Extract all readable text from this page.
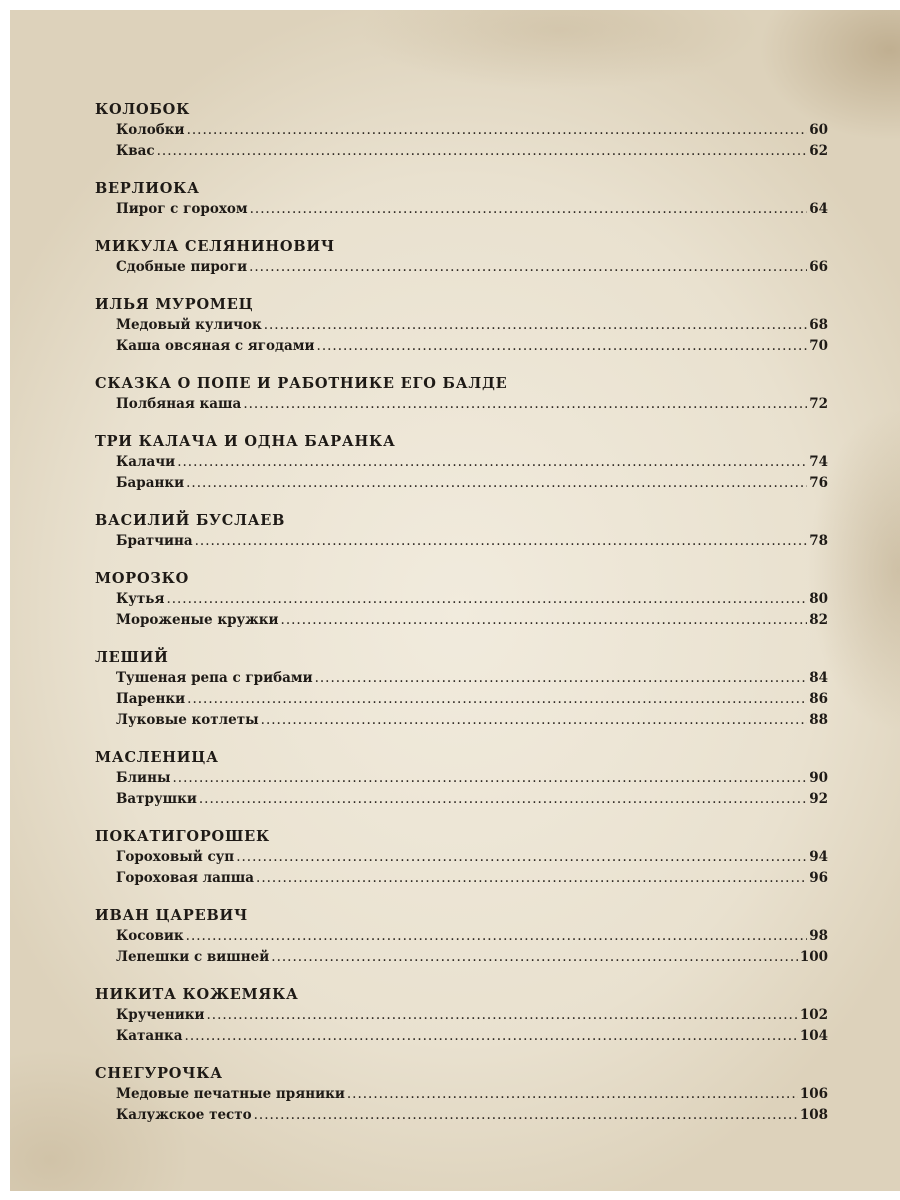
КОЛОБОК
Колобки .....	60
Квас .....	62
ВЕРЛИОКА
Пирог с горохом .....	64
МИКУЛА СЕЛЯНИНОВИЧ
Сдобные пироги .....	66
ИЛЬЯ МУРОМЕЦ
Медовый куличок .....	68
Каша овсяная с ягодами .....	70
СКАЗКА О ПОПЕ И РАБОТНИКЕ ЕГО БАЛДЕ
Полбяная каша .....	72
ТРИ КАЛАЧА И ОДНА БАРАНКА
Калачи .....	74
Баранки .....	76
ВАСИЛИЙ БУСЛАЕВ
Братчина .....	78
МОРОЗКО
Кутья .....	80
Мороженые кружки .....	82
ЛЕШИЙ
Тушеная репа с грибами .....	84
Паренки .....	86
Луковые котлеты .....	88
МАСЛЕНИЦА
Блины .....	90
Ватрушки .....	92
ПОКАТИГОРОШЕК
Гороховый суп .....	94
Гороховая лапша .....	96
ИВАН ЦАРЕВИЧ
Косовик .....	98
Лепешки с вишней .....	100
НИКИТА КОЖЕМЯКА
Крученики .....	102
Катанка .....	104
СНЕГУРОЧКА
Медовые печатные пряники .....	106
Калужское тесто .....	108
